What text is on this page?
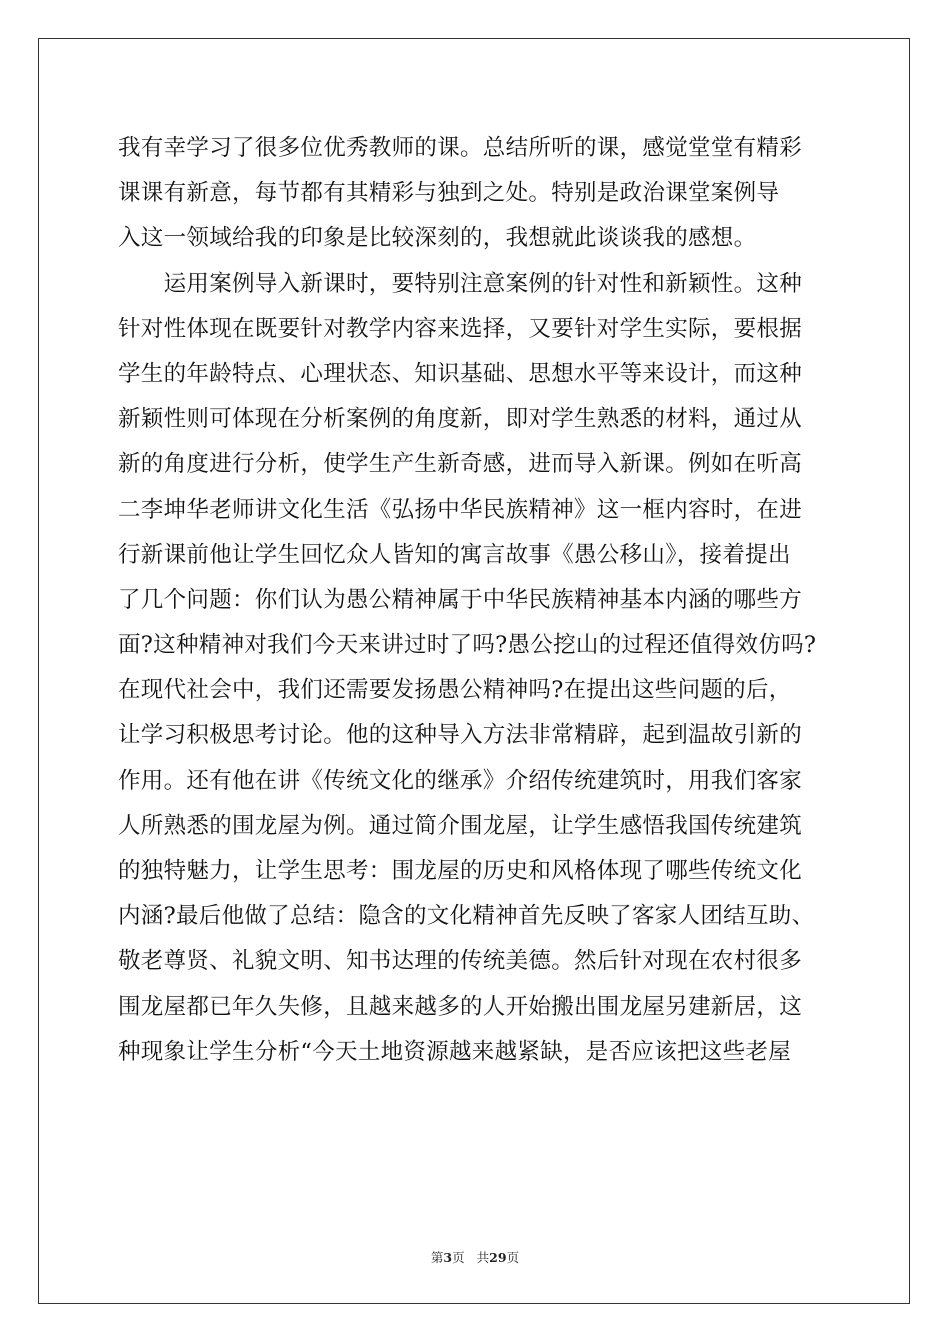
我有幸学习了很多位优秀教师的课。总结所听的课，感觉堂堂有精彩
课课有新意，每节都有其精彩与独到之处。特别是政治课堂案例导
入这一领域给我的印象是比较深刻的，我想就此谈谈我的感想。
　　运用案例导入新课时，要特别注意案例的针对性和新颖性。这种
针对性体现在既要针对教学内容来选择，又要针对学生实际，要根据
学生的年龄特点、心理状态、知识基础、思想水平等来设计，而这种
新颖性则可体现在分析案例的角度新，即对学生熟悉的材料，通过从
新的角度进行分析，使学生产生新奇感，进而导入新课。例如在听高
二李坤华老师讲文化生活《弘扬中华民族精神》这一框内容时，在进
行新课前他让学生回忆众人皆知的寓言故事《愚公移山》，接着提出
了几个问题：你们认为愚公精神属于中华民族精神基本内涵的哪些方
面?这种精神对我们今天来讲过时了吗?愚公挖山的过程还值得效仿吗?
在现代社会中，我们还需要发扬愚公精神吗?在提出这些问题的后，
让学习积极思考讨论。他的这种导入方法非常精辟，起到温故引新的
作用。还有他在讲《传统文化的继承》介绍传统建筑时，用我们客家
人所熟悉的围龙屋为例。通过简介围龙屋，让学生感悟我国传统建筑
的独特魅力，让学生思考：围龙屋的历史和风格体现了哪些传统文化
内涵?最后他做了总结：隐含的文化精神首先反映了客家人团结互助、
敬老尊贤、礼貌文明、知书达理的传统美德。然后针对现在农村很多
围龙屋都已年久失修，且越来越多的人开始搬出围龙屋另建新居，这
种现象让学生分析“今天土地资源越来越紧缺，是否应该把这些老屋
第3页 共29页
